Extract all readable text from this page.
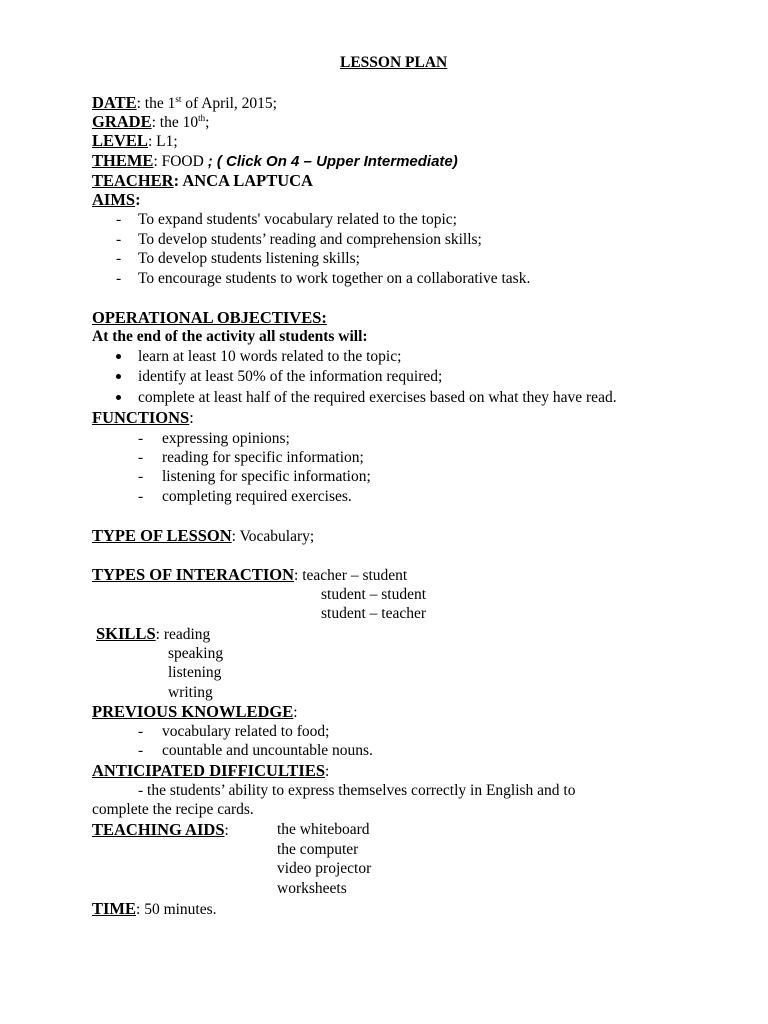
LESSON PLAN
DATE: the 1st of April, 2015;
GRADE: the 10th;
LEVEL: L1;
THEME: FOOD ; ( Click On 4 – Upper Intermediate)
TEACHER: ANCA LAPTUCA
AIMS:
- To expand students' vocabulary related to the topic;
- To develop students’ reading and comprehension skills;
- To develop students listening skills;
- To encourage students to work together on a collaborative task.
OPERATIONAL OBJECTIVES:
At the end of the activity all students will:
learn at least 10 words related to the topic;
identify at least 50% of the information required;
complete at least half of the required exercises based on what they have read.
FUNCTIONS:
- expressing opinions;
- reading for specific information;
- listening for specific information;
- completing required exercises.
TYPE OF LESSON: Vocabulary;
TYPES OF INTERACTION: teacher – student
student – student
student – teacher
SKILLS: reading
speaking
listening
writing
PREVIOUS KNOWLEDGE:
- vocabulary related to food;
- countable and uncountable nouns.
ANTICIPATED DIFFICULTIES:
- the students’ ability to express themselves correctly in English and to
complete the recipe cards.
TEACHING AIDS:	the whiteboard
the computer
video projector
worksheets
TIME: 50 minutes.
